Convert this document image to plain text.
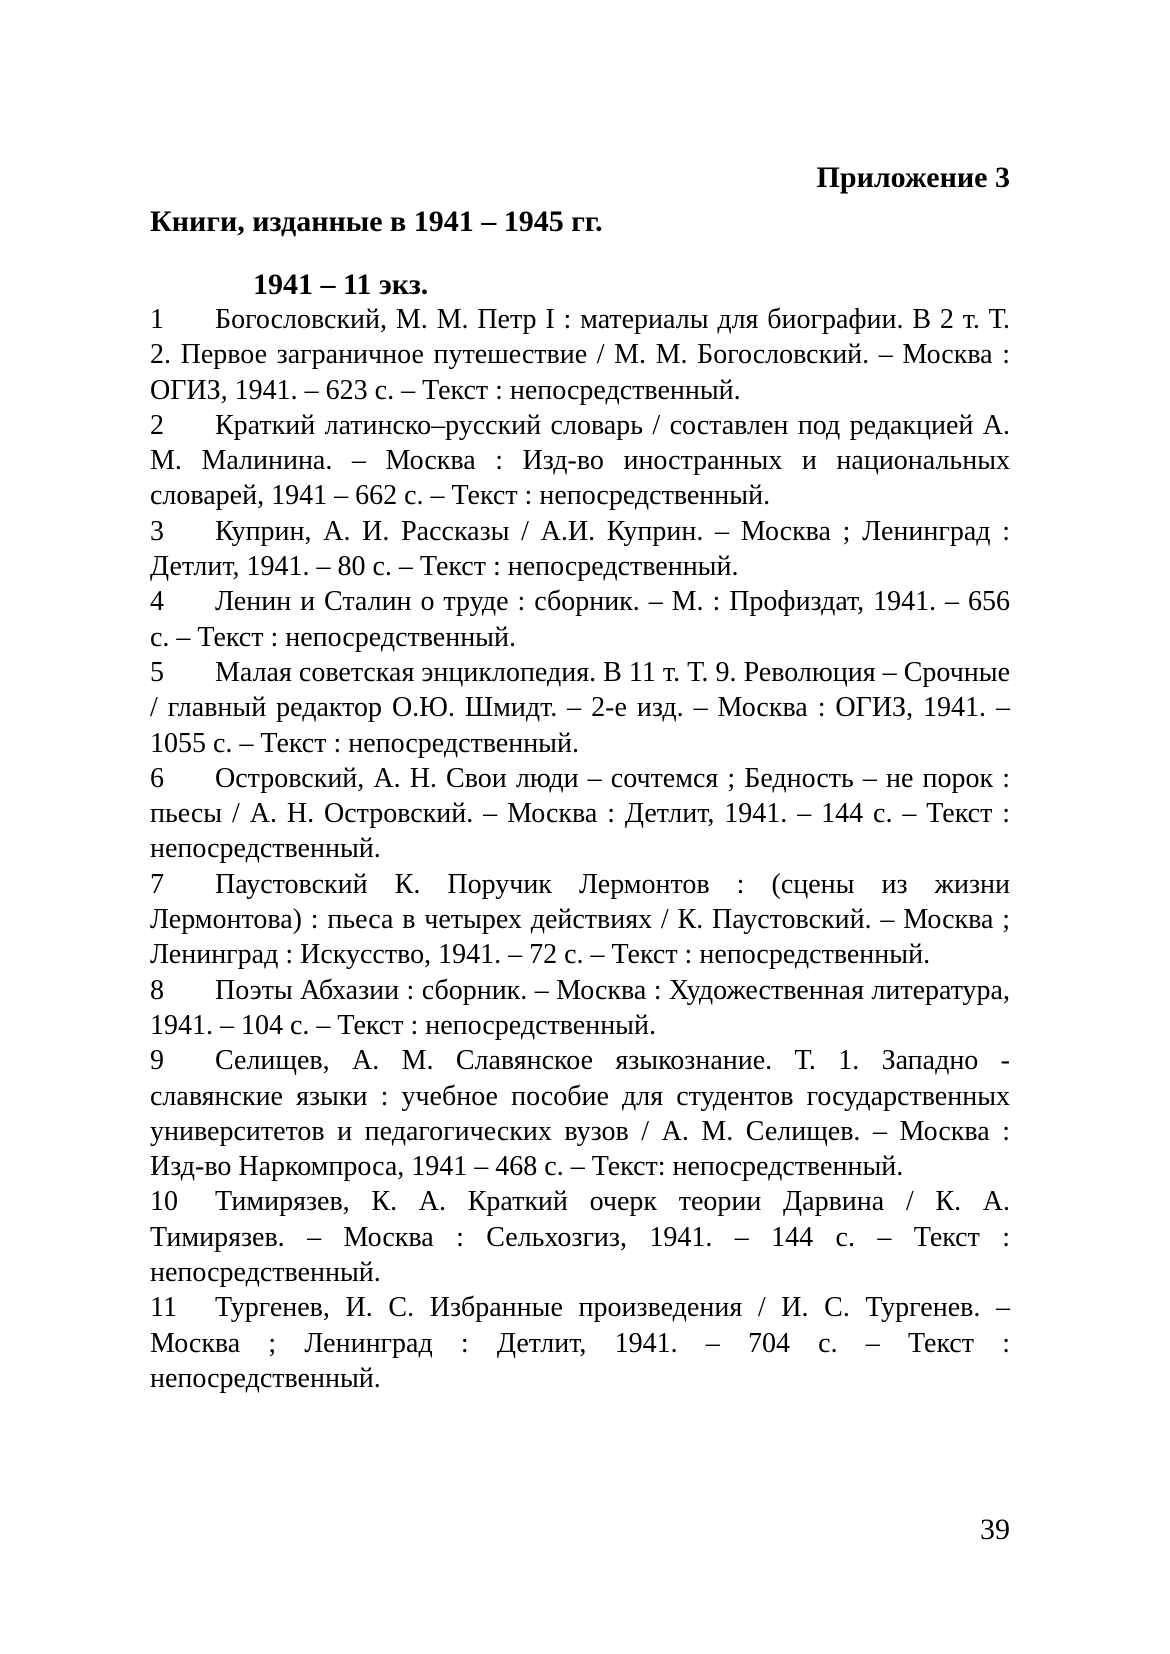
Приложение 3

Книги, изданные в 1941 – 1945 гг.

1941 – 11 экз.

1 Богословский, М. М. Петр I : материалы для биографии. В 2 т. Т. 2. Первое заграничное путешествие / М. М. Богословский. – Москва : ОГИЗ, 1941. – 623 с. – Текст : непосредственный.

2 Краткий латинско–русский словарь / составлен под редакцией А. М. Малинина. – Москва : Изд-во иностранных и национальных словарей, 1941 – 662 с. – Текст : непосредственный.

3 Куприн, А. И. Рассказы / А.И. Куприн. – Москва ; Ленинград : Детлит, 1941. – 80 с. – Текст : непосредственный.

4 Ленин и Сталин о труде : сборник. – М. : Профиздат, 1941. – 656 с. – Текст : непосредственный.

5 Малая советская энциклопедия. В 11 т. Т. 9. Революция – Срочные / главный редактор О.Ю. Шмидт. – 2-е изд. – Москва : ОГИЗ, 1941. – 1055 с. – Текст : непосредственный.

6 Островский, А. Н. Свои люди – сочтемся ; Бедность – не порок : пьесы / А. Н. Островский. – Москва : Детлит, 1941. – 144 с. – Текст : непосредственный.

7 Паустовский К. Поручик Лермонтов : (сцены из жизни Лермонтова) : пьеса в четырех действиях / К. Паустовский. – Москва ; Ленинград : Искусство, 1941. – 72 с. – Текст : непосредственный.

8 Поэты Абхазии : сборник. – Москва : Художественная литература, 1941. – 104 с. – Текст : непосредственный.

9 Селищев, А. М. Славянское языкознание. Т. 1. Западно - славянские языки : учебное пособие для студентов государственных университетов и педагогических вузов / А. М. Селищев. – Москва : Изд-во Наркомпроса, 1941 – 468 с. – Текст: непосредственный.

10 Тимирязев, К. А. Краткий очерк теории Дарвина / К. А. Тимирязев. – Москва : Сельхозгиз, 1941. – 144 с. – Текст : непосредственный.

11 Тургенев, И. С. Избранные произведения / И. С. Тургенев. – Москва ; Ленинград : Детлит, 1941. – 704 с. – Текст : непосредственный.

39
